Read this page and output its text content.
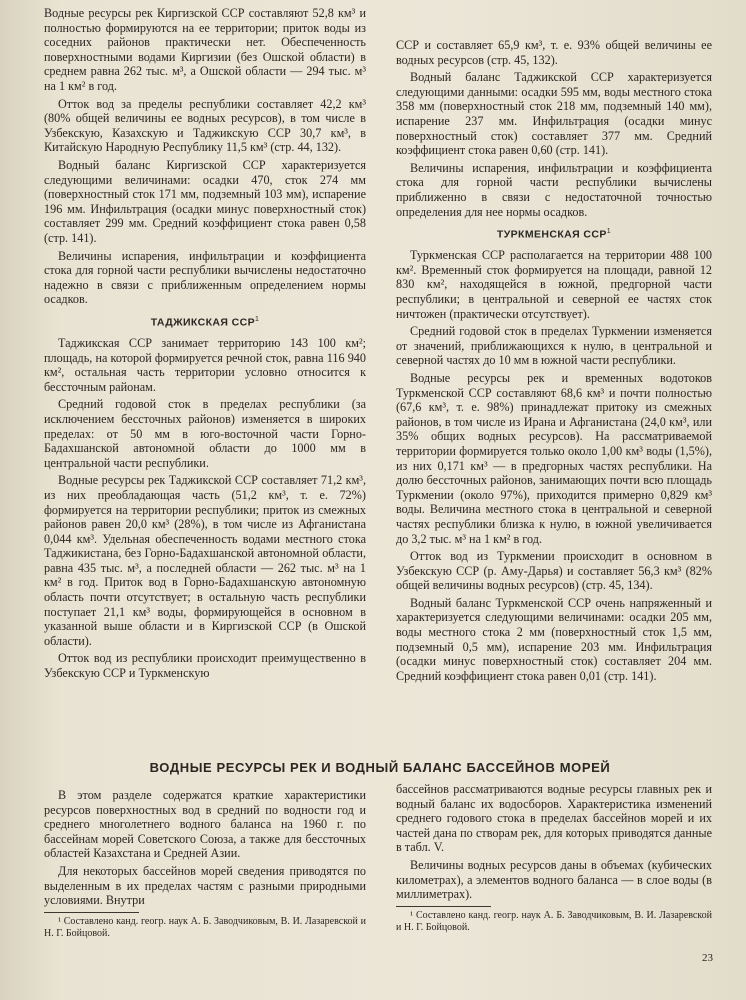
Водные ресурсы рек Киргизской ССР составляют 52,8 км³ и полностью формируются на ее территории; приток воды из соседних районов практически нет. Обеспеченность поверхностными водами Киргизии (без Ошской области) в среднем равна 262 тыс. м³, а Ошской области — 294 тыс. м³ на 1 км² в год.

Отток вод за пределы республики составляет 42,2 км³ (80% общей величины ее водных ресурсов), в том числе в Узбекскую, Казахскую и Таджикскую ССР 30,7 км³, в Китайскую Народную Республику 11,5 км³ (стр. 44, 132).

Водный баланс Киргизской ССР характеризуется следующими величинами: осадки 470, сток 274 мм (поверхностный сток 171 мм, подземный 103 мм), испарение 196 мм. Инфильтрация (осадки минус поверхностный сток) составляет 299 мм. Средний коэффициент стока равен 0,58 (стр. 141).

Величины испарения, инфильтрации и коэффициента стока для горной части республики вычислены недостаточно надежно в связи с приближенным определением нормы осадков.

ТАДЖИКСКАЯ ССР$^1$

Таджикская ССР занимает территорию 143 100 км²; площадь, на которой формируется речной сток, равна 116 940 км², остальная часть территории условно относится к бессточным районам.

Средний годовой сток в пределах республики (за исключением бессточных районов) изменяется в широких пределах: от 50 мм в юго-восточной части Горно-Бадахшанской автономной области до 1000 мм в центральной части республики.

Водные ресурсы рек Таджикской ССР составляет 71,2 км³, из них преобладающая часть (51,2 км³, т. е. 72%) формируется на территории республики; приток из смежных районов равен 20,0 км³ (28%), в том числе из Афганистана 0,044 км³. Удельная обеспеченность водами местного стока Таджикистана, без Горно-Бадахшанской автономной области, равна 435 тыс. м³, а последней области — 262 тыс. м³ на 1 км² в год. Приток вод в Горно-Бадахшанскую автономную область почти отсутствует; в остальную часть республики поступает 21,1 км³ воды, формирующейся в основном в указанной выше области и в Киргизской ССР (в Ошской области).

Отток вод из республики происходит преимущественно в Узбекскую ССР и Туркменскую

ССР и составляет 65,9 км³, т. е. 93% общей величины ее водных ресурсов (стр. 45, 132).

Водный баланс Таджикской ССР характеризуется следующими данными: осадки 595 мм, воды местного стока 358 мм (поверхностный сток 218 мм, подземный 140 мм), испарение 237 мм. Инфильтрация (осадки минус поверхностный сток) составляет 377 мм. Средний коэффициент стока равен 0,60 (стр. 141).

Величины испарения, инфильтрации и коэффициента стока для горной части республики вычислены приближенно в связи с недостаточной точностью определения для нее нормы осадков.

ТУРКМЕНСКАЯ ССР$^1$

Туркменская ССР располагается на территории 488 100 км². Временный сток формируется на площади, равной 12 830 км², находящейся в южной, предгорной части республики; в центральной и северной ее частях сток ничтожен (практически отсутствует).

Средний годовой сток в пределах Туркмении изменяется от значений, приближающихся к нулю, в центральной и северной частях до 10 мм в южной части республики.

Водные ресурсы рек и временных водотоков Туркменской ССР составляют 68,6 км³ и почти полностью (67,6 км³, т. е. 98%) принадлежат притоку из смежных районов, в том числе из Ирана и Афганистана (24,0 км³, или 35% общих водных ресурсов). На рассматриваемой территории формируется только около 1,00 км³ воды (1,5%), из них 0,171 км³ — в предгорных частях республики. На долю бессточных районов, занимающих почти всю площадь Туркмении (около 97%), приходится примерно 0,829 км³ воды. Величина местного стока в центральной и северной частях республики близка к нулю, в южной увеличивается до 3,2 тыс. м³ на 1 км² в год.

Отток вод из Туркмении происходит в основном в Узбекскую ССР (р. Аму-Дарья) и составляет 56,3 км³ (82% общей величины водных ресурсов) (стр. 45, 134).

Водный баланс Туркменской ССР очень напряженный и характеризуется следующими величинами: осадки 205 мм, воды местного стока 2 мм (поверхностный сток 1,5 мм, подземный 0,5 мм), испарение 203 мм. Инфильтрация (осадки минус поверхностный сток) составляет 204 мм. Средний коэффициент стока равен 0,01 (стр. 141).

ВОДНЫЕ РЕСУРСЫ РЕК И ВОДНЫЙ БАЛАНС БАССЕЙНОВ МОРЕЙ

В этом разделе содержатся краткие характеристики ресурсов поверхностных вод в средний по водности год и среднего многолетнего водного баланса на 1960 г. по бассейнам морей Советского Союза, а также для бессточных областей Казахстана и Средней Азии.

Для некоторых бассейнов морей сведения приводятся по выделенным в их пределах частям с разными природными условиями. Внутри

¹ Составлено канд. геогр. наук А. Б. Заводчиковым, В. И. Лазаревской и Н. Г. Бойцовой.

бассейнов рассматриваются водные ресурсы главных рек и водный баланс их водосборов. Характеристика изменений среднего годового стока в пределах бассейнов морей и их частей дана по створам рек, для которых приводятся данные в табл. V.

Величины водных ресурсов даны в объемах (кубических километрах), а элементов водного баланса — в слое воды (в миллиметрах).

¹ Составлено канд. геогр. наук А. Б. Заводчиковым, В. И. Лазаревской и Н. Г. Бойцовой.

23
